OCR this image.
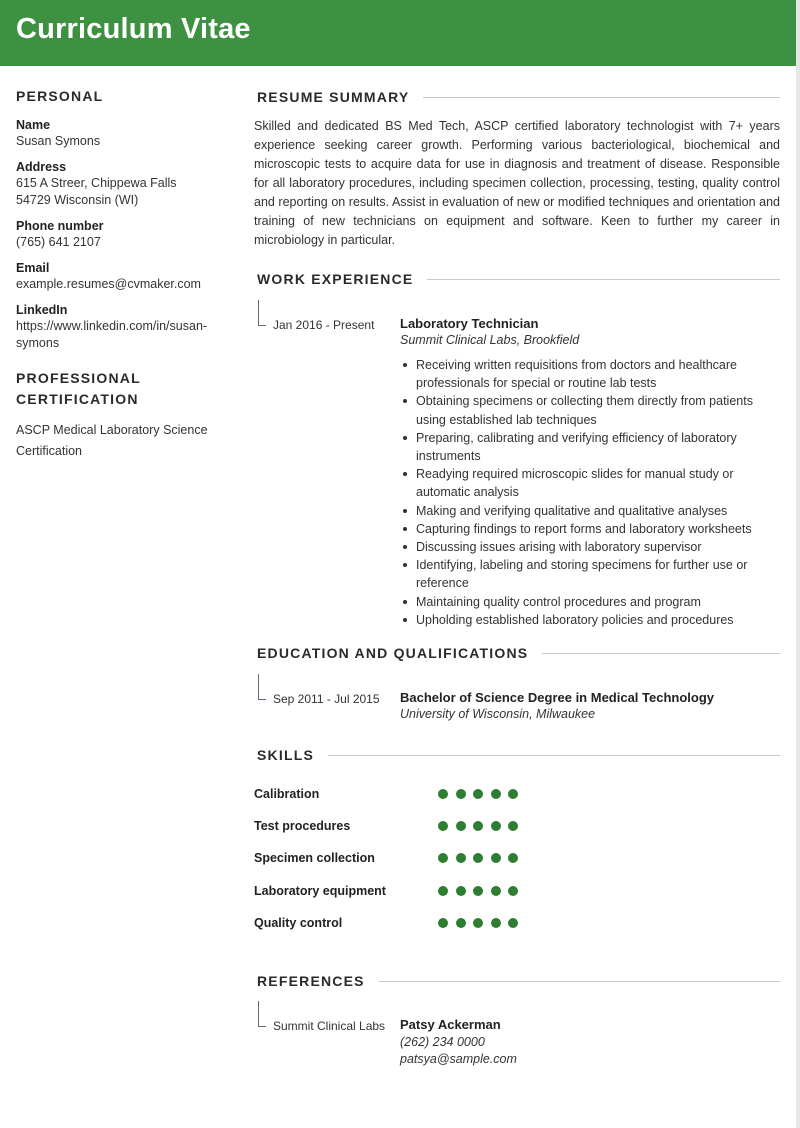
Curriculum Vitae
PERSONAL
Name
Susan Symons
Address
615 A Streer, Chippewa Falls
54729 Wisconsin (WI)
Phone number
(765) 641 2107
Email
example.resumes@cvmaker.com
LinkedIn
https://www.linkedin.com/in/susan-
symons
PROFESSIONAL
CERTIFICATION
ASCP Medical Laboratory Science
Certification
RESUME SUMMARY
Skilled and dedicated BS Med Tech, ASCP certified laboratory technologist with 7+ years experience seeking career growth. Performing various bacteriological, biochemical and microscopic tests to acquire data for use in diagnosis and treatment of disease. Responsible for all laboratory procedures, including specimen collection, processing, testing, quality control and reporting on results. Assist in evaluation of new or modified techniques and orientation and training of new technicians on equipment and software. Keen to further my career in microbiology in particular.
WORK EXPERIENCE
Jan 2016 - Present Laboratory Technician
Summit Clinical Labs, Brookfield
Receiving written requisitions from doctors and healthcare professionals for special or routine lab tests
Obtaining specimens or collecting them directly from patients using established lab techniques
Preparing, calibrating and verifying efficiency of laboratory instruments
Readying required microscopic slides for manual study or automatic analysis
Making and verifying qualitative and qualitative analyses
Capturing findings to report forms and laboratory worksheets
Discussing issues arising with laboratory supervisor
Identifying, labeling and storing specimens for further use or reference
Maintaining quality control procedures and program
Upholding established laboratory policies and procedures
EDUCATION AND QUALIFICATIONS
Sep 2011 - Jul 2015 Bachelor of Science Degree in Medical Technology
University of Wisconsin, Milwaukee
SKILLS
Calibration
Test procedures
Specimen collection
Laboratory equipment
Quality control
REFERENCES
Summit Clinical Labs Patsy Ackerman
(262) 234 0000
patsya@sample.com
